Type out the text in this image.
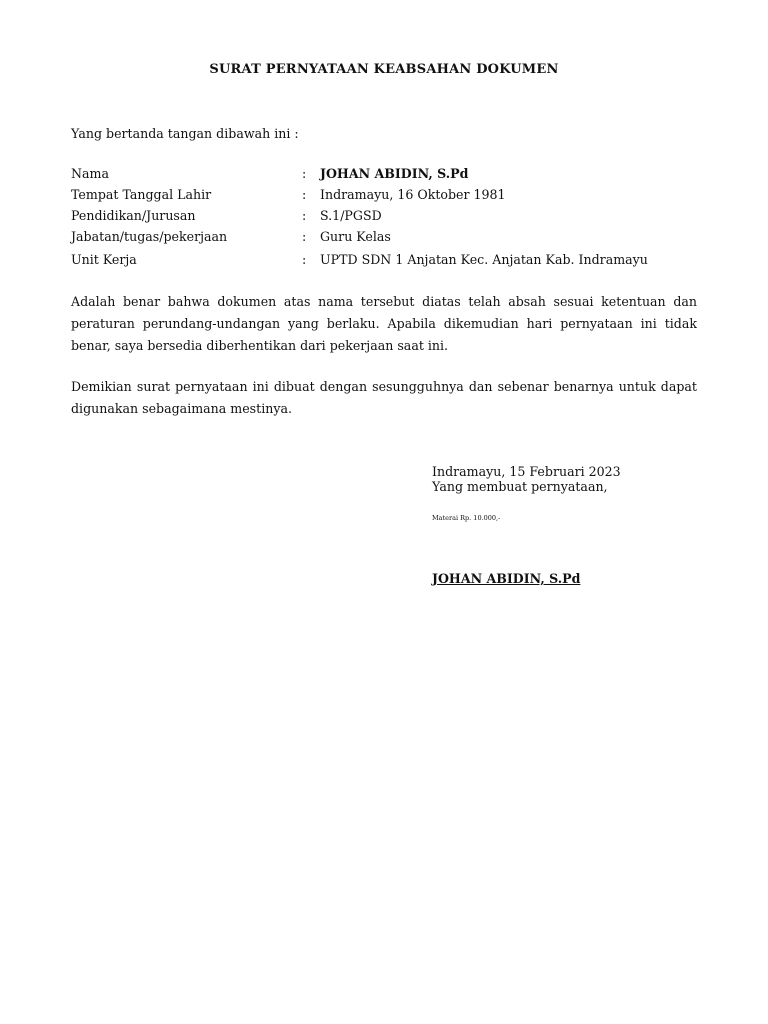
SURAT PERNYATAAN KEABSAHAN DOKUMEN
Yang bertanda tangan dibawah ini :
Nama	: JOHAN ABIDIN, S.Pd
Tempat Tanggal Lahir	: Indramayu, 16 Oktober 1981
Pendidikan/Jurusan	: S.1/PGSD
Jabatan/tugas/pekerjaan	: Guru Kelas
Unit Kerja	: UPTD SDN 1 Anjatan Kec. Anjatan Kab. Indramayu
Adalah benar bahwa dokumen atas nama tersebut diatas telah absah sesuai ketentuan dan peraturan perundang-undangan yang berlaku. Apabila dikemudian hari pernyataan ini tidak benar, saya bersedia diberhentikan dari pekerjaan saat ini.
Demikian surat pernyataan ini dibuat dengan sesungguhnya dan sebenar benarnya untuk dapat digunakan sebagaimana mestinya.
Indramayu, 15 Februari 2023
Yang membuat pernyataan,
Materai Rp. 10.000,-
JOHAN ABIDIN, S.Pd
